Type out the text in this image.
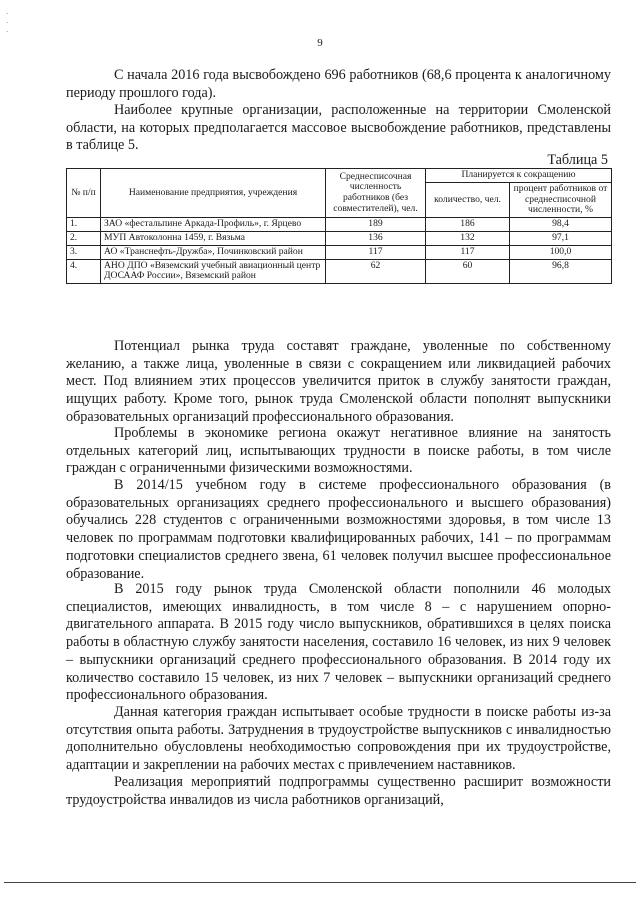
·
·
·
9

С начала 2016 года высвобождено 696 работников (68,6 процента к аналогичному периоду прошлого года).

Наиболее крупные организации, расположенные на территории Смоленской области, на которых предполагается массовое высвобождение работников, представлены в таблице 5.

Таблица 5
№ п/п	Наименование предприятия, учреждения	Среднесписочная численность работников (без совместителей), чел.	Планируется к сокращению	
			количество, чел.	процент работников от среднесписочной численности, %
1.	ЗАО «фестальпине Аркада-Профиль», г. Ярцево	189	186	98,4
2.	МУП Автоколонна 1459, г. Вязьма	136	132	97,1
3.	АО «Транснефть-Дружба», Починковский район	117	117	100,0
4.	АНО ДПО «Вяземский учебный авиационный центр ДОСААФ России», Вяземский район	62	60	96,8

Потенциал рынка труда составят граждане, уволенные по собственному желанию, а также лица, уволенные в связи с сокращением или ликвидацией рабочих мест. Под влиянием этих процессов увеличится приток в службу занятости граждан, ищущих работу. Кроме того, рынок труда Смоленской области пополнят выпускники образовательных организаций профессионального образования.

Проблемы в экономике региона окажут негативное влияние на занятость отдельных категорий лиц, испытывающих трудности в поиске работы, в том числе граждан с ограниченными физическими возможностями.

В 2014/15 учебном году в системе профессионального образования (в образовательных организациях среднего профессионального и высшего образования) обучались 228 студентов с ограниченными возможностями здоровья, в том числе 13 человек по программам подготовки квалифицированных рабочих, 141 – по программам подготовки специалистов среднего звена, 61 человек получил высшее профессиональное образование.

В 2015 году рынок труда Смоленской области пополнили 46 молодых специалистов, имеющих инвалидность, в том числе 8 – с нарушением опорно-двигательного аппарата. В 2015 году число выпускников, обратившихся в целях поиска работы в областную службу занятости населения, составило 16 человек, из них 9 человек – выпускники организаций среднего профессионального образования. В 2014 году их количество составило 15 человек, из них 7 человек – выпускники организаций среднего профессионального образования.

Данная категория граждан испытывает особые трудности в поиске работы из-за отсутствия опыта работы. Затруднения в трудоустройстве выпускников с инвалидностью дополнительно обусловлены необходимостью сопровождения при их трудоустройстве, адаптации и закреплении на рабочих местах с привлечением наставников.

Реализация мероприятий подпрограммы существенно расширит возможности трудоустройства инвалидов из числа работников организаций,
